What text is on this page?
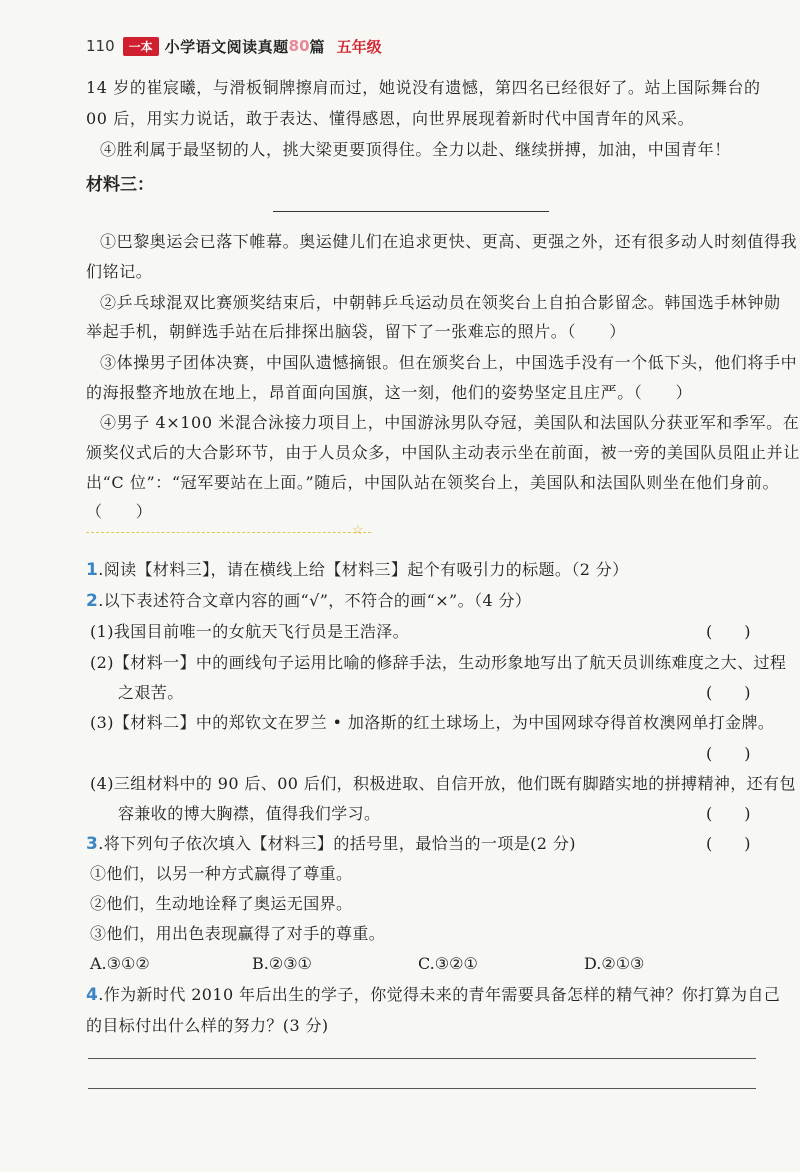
110	一本 小学语文阅读真题 80 篇 五年级
14 岁的崔宸曦，与滑板铜牌擦肩而过，她说没有遗憾，第四名已经很好了。站上国际舞台的
00 后，用实力说话，敢于表达、懂得感恩，向世界展现着新时代中国青年的风采。
④胜利属于最坚韧的人，挑大梁更要顶得住。全力以赴、继续拼搏，加油，中国青年！
材料三：
①巴黎奥运会已落下帷幕。奥运健儿们在追求更快、更高、更强之外，还有很多动人时刻值得我
们铭记。
②乒乓球混双比赛颁奖结束后，中朝韩乒乓运动员在领奖台上自拍合影留念。韩国选手林钟勋
举起手机，朝鲜选手站在后排探出脑袋，留下了一张难忘的照片。（　　）
③体操男子团体决赛，中国队遗憾摘银。但在颁奖台上，中国选手没有一个低下头，他们将手中
的海报整齐地放在地上，昂首面向国旗，这一刻，他们的姿势坚定且庄严。（　　）
④男子 4×100 米混合泳接力项目上，中国游泳男队夺冠，美国队和法国队分获亚军和季军。在
颁奖仪式后的大合影环节，由于人员众多，中国队主动表示坐在前面，被一旁的美国队员阻止并让
出“C 位”：“冠军要站在上面。”随后，中国队站在领奖台上，美国队和法国队则坐在他们身前。
（　　）
☆
1.阅读【材料三】，请在横线上给【材料三】起个有吸引力的标题。（2 分）
2.以下表述符合文章内容的画“√”，不符合的画“×”。（4 分）
(1)我国目前唯一的女航天飞行员是王浩泽。	(　　)
(2)【材料一】中的画线句子运用比喻的修辞手法，生动形象地写出了航天员训练难度之大、过程
之艰苦。	(　　)
(3)【材料二】中的郑钦文在罗兰 • 加洛斯的红土球场上，为中国网球夺得首枚澳网单打金牌。
(　　)
(4)三组材料中的 90 后、00 后们，积极进取、自信开放，他们既有脚踏实地的拼搏精神，还有包
容兼收的博大胸襟，值得我们学习。	(　　)
3.将下列句子依次填入【材料三】的括号里，最恰当的一项是(2 分)	(　　)
①他们，以另一种方式赢得了尊重。
②他们，生动地诠释了奥运无国界。
③他们，用出色表现赢得了对手的尊重。
A.③①②	B.②③①	C.③②①	D.②①③
4.作为新时代 2010 年后出生的学子，你觉得未来的青年需要具备怎样的精气神？你打算为自己
的目标付出什么样的努力？(3 分)
